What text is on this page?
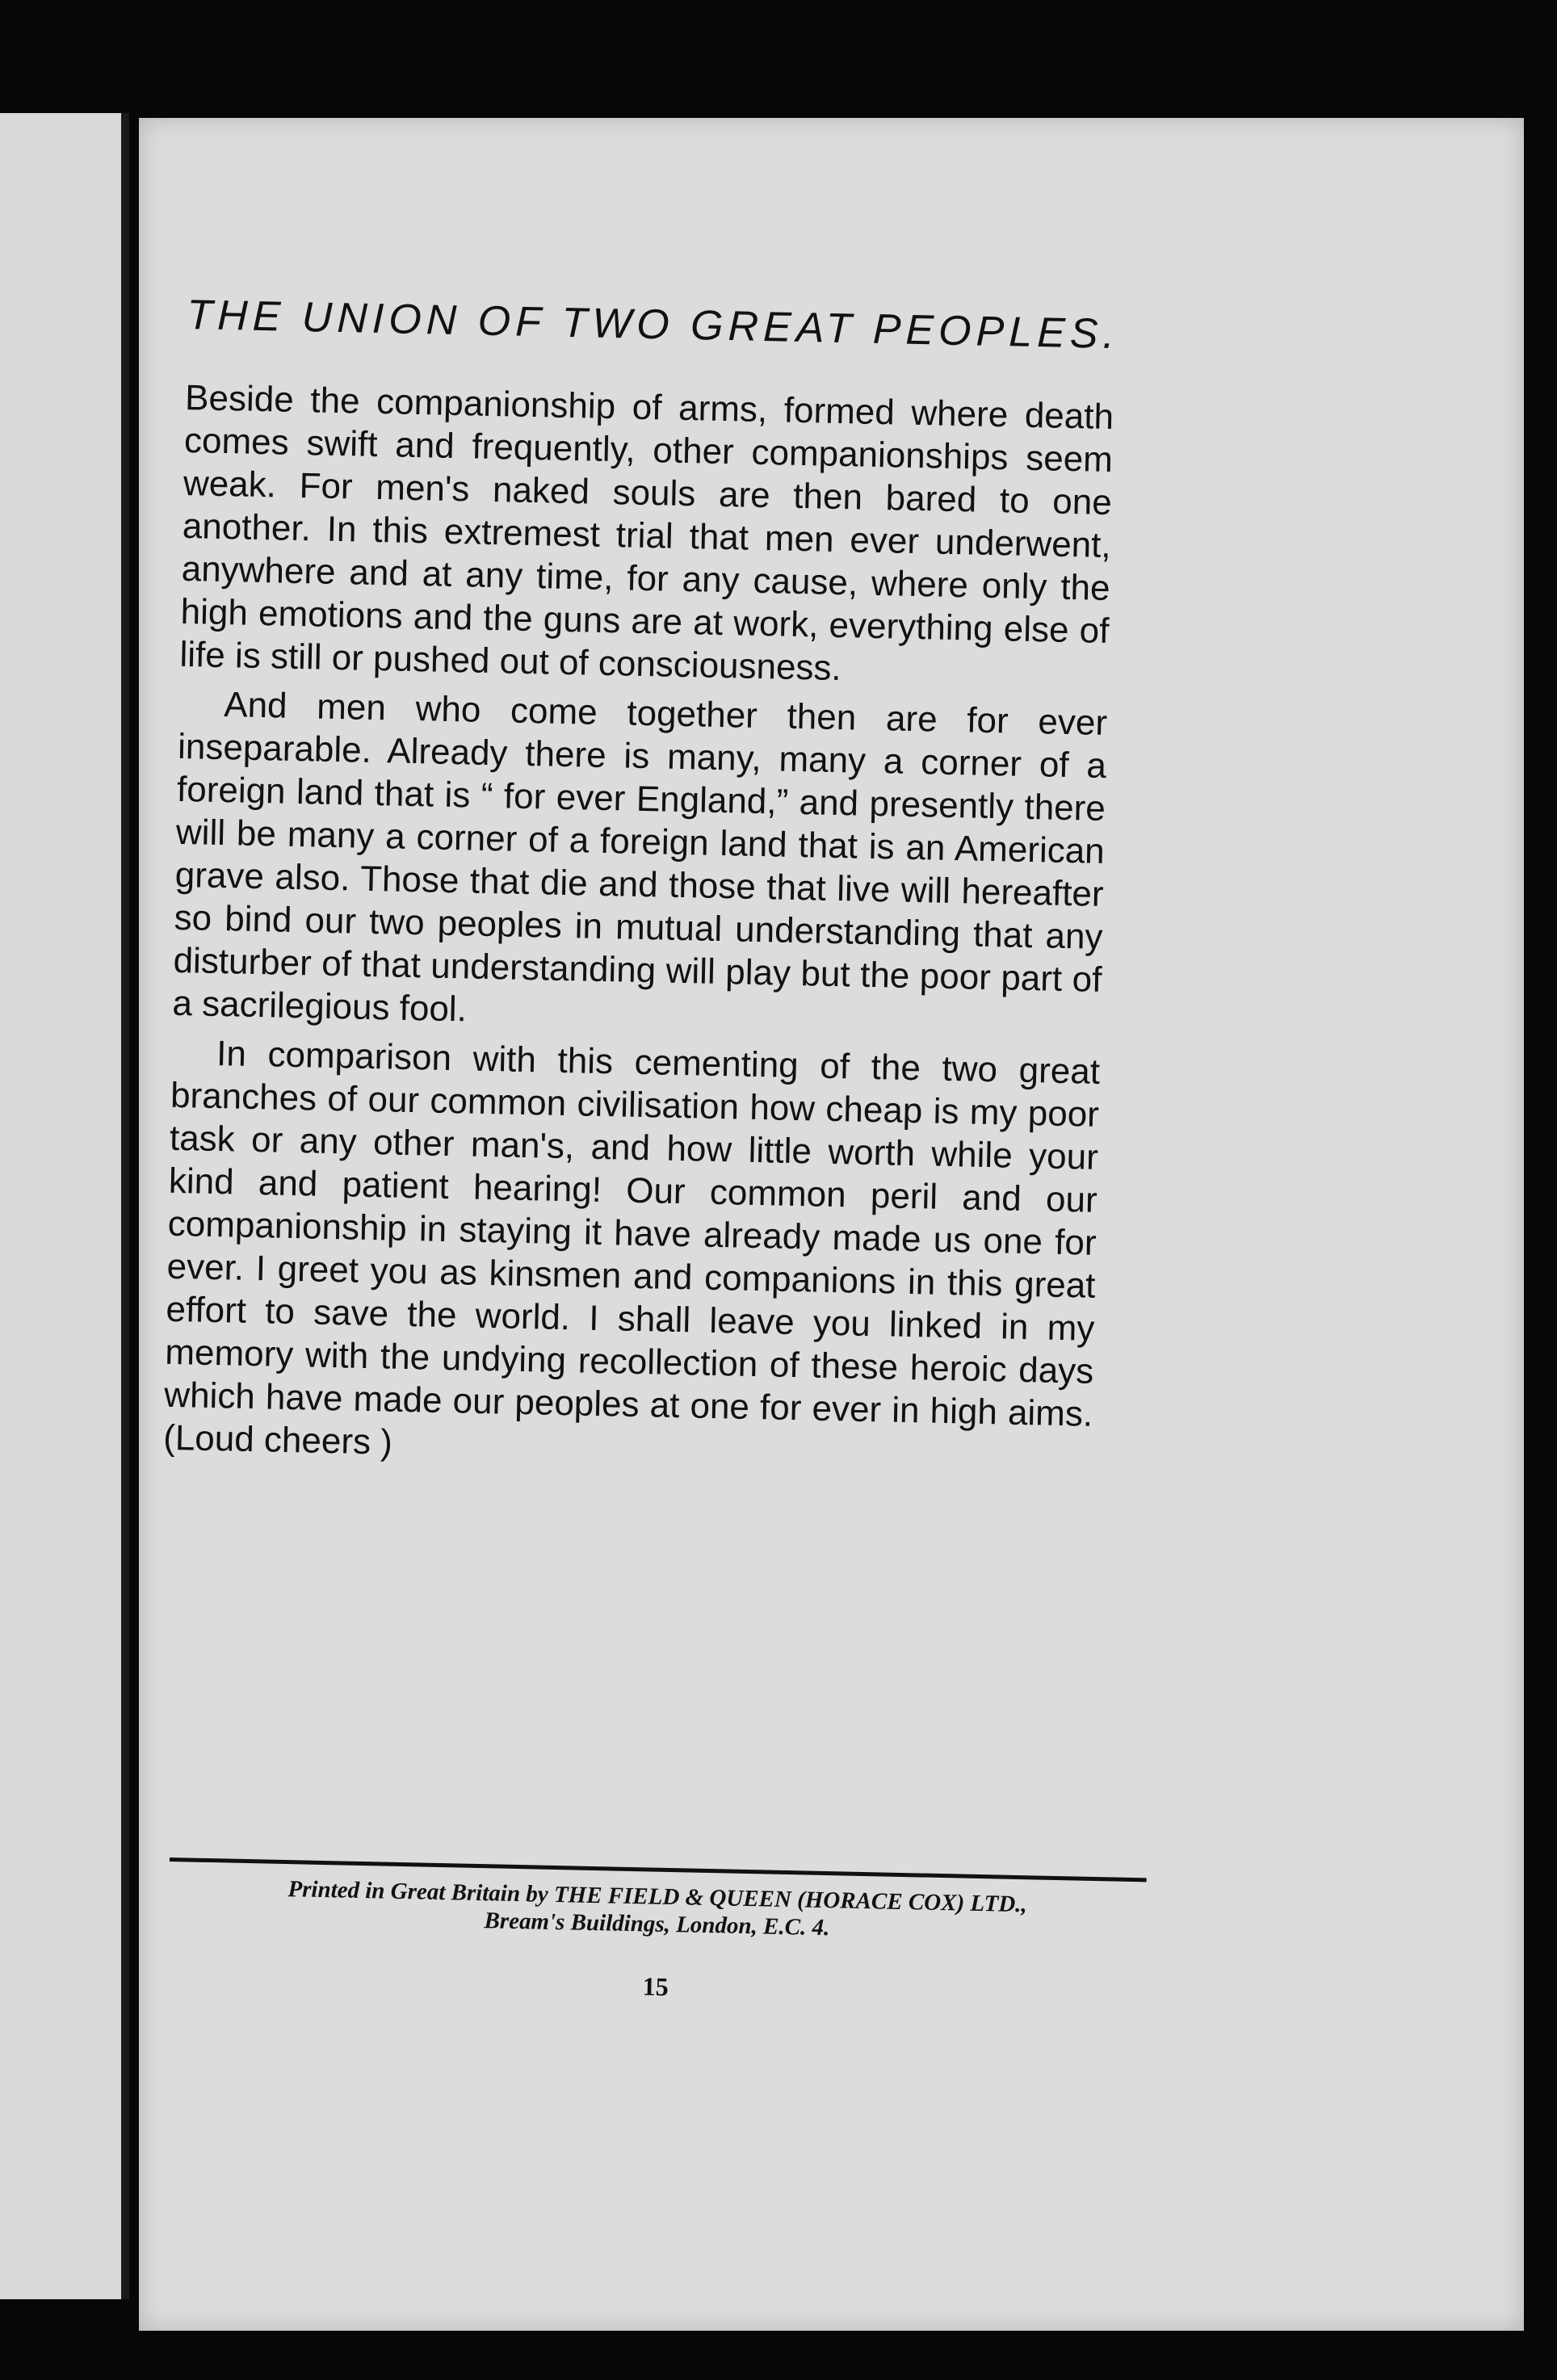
THE UNION OF TWO GREAT PEOPLES.

Beside the companionship of arms, formed where death comes swift and frequently, other companionships seem weak. For men's naked souls are then bared to one another. In this extremest trial that men ever underwent, anywhere and at any time, for any cause, where only the high emotions and the guns are at work, everything else of life is still or pushed out of consciousness.

And men who come together then are for ever inseparable. Already there is many, many a corner of a foreign land that is “ for ever England,” and presently there will be many a corner of a foreign land that is an American grave also. Those that die and those that live will hereafter so bind our two peoples in mutual understanding that any disturber of that understanding will play but the poor part of a sacrilegious fool.

In comparison with this cementing of the two great branches of our common civilisation how cheap is my poor task or any other man's, and how little worth while your kind and patient hearing! Our common peril and our companionship in staying it have already made us one for ever. I greet you as kinsmen and companions in this great effort to save the world. I shall leave you linked in my memory with the undying recollection of these heroic days which have made our peoples at one for ever in high aims. (Loud cheers )

Printed in Great Britain by THE FIELD & QUEEN (HORACE COX) LTD.,

Bream's Buildings, London, E.C. 4.

15
